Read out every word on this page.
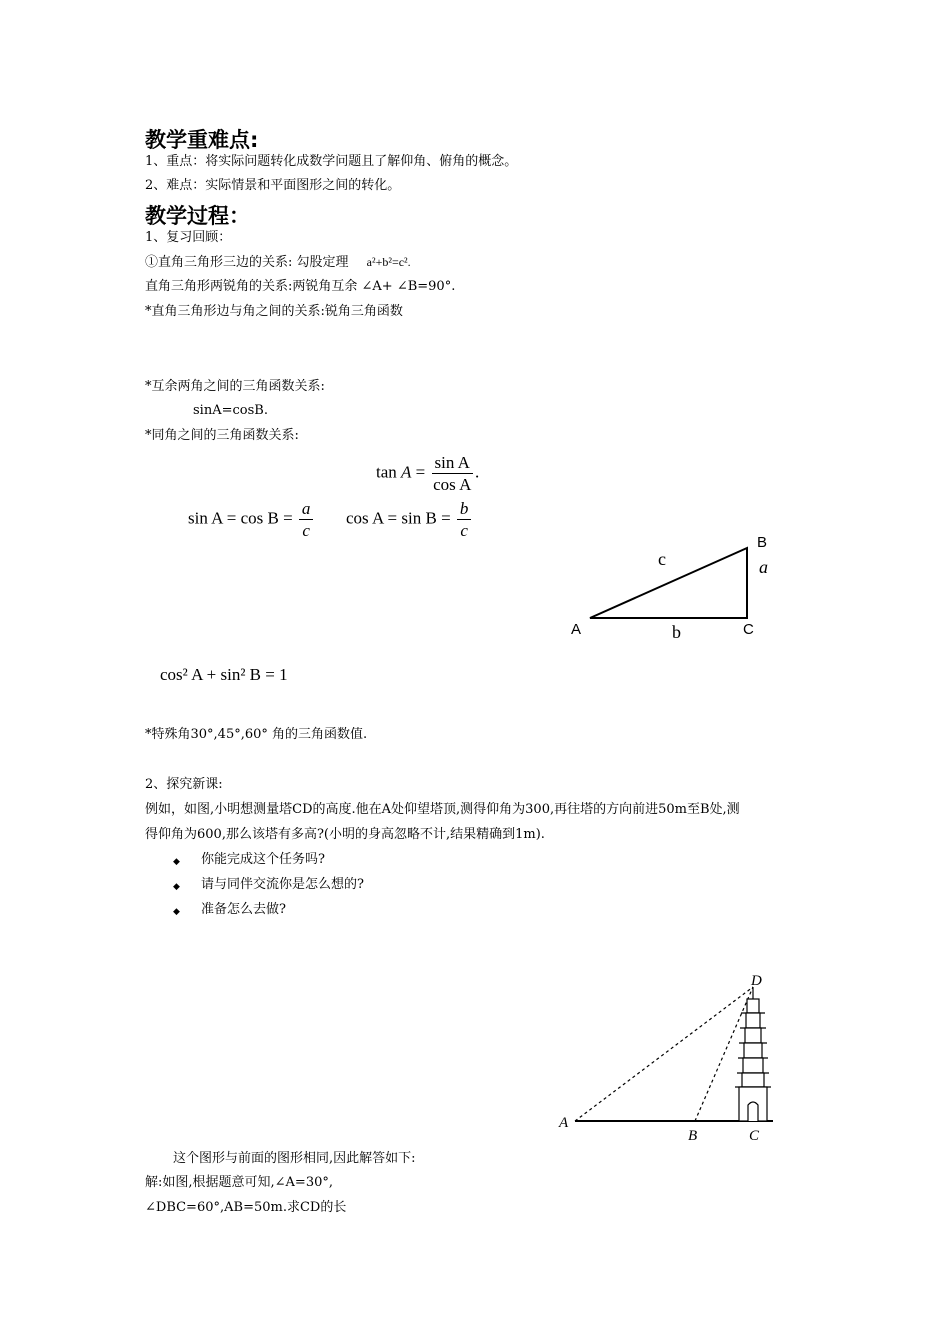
教学重难点:
1、重点：将实际问题转化成数学问题且了解仰角、俯角的概念。
2、难点：实际情景和平面图形之间的转化。
教学过程：
1、复习回顾：
①直角三角形三边的关系: 勾股定理 a²+b²=c².
直角三角形两锐角的关系:两锐角互余 ∠A+ ∠B=90°.
*直角三角形边与角之间的关系:锐角三角函数
*互余两角之间的三角函数关系:
sinA=cosB.
*同角之间的三角函数关系:
$\tan A = \frac{\text{sin A}}{\text{cos A}}$ .
$\sin A = \cos B = \frac{a}{c}$ $\cos A = \sin B = \frac{b}{c}$
B
A	C
c	a
b
cos² A + sin² B = 1
*特殊角30°,45°,60° 角的三角函数值.
2、探究新课:
例如，如图,小明想测量塔CD的高度.他在A处仰望塔顶,测得仰角为300,再往塔的方向前进50m至B处,测
得仰角为600,那么该塔有多高?(小明的身高忽略不计,结果精确到1m).
◆ 你能完成这个任务吗?
◆ 请与同伴交流你是怎么想的?
◆ 准备怎么去做?
A
B	C
D
这个图形与前面的图形相同,因此解答如下:
解:如图,根据题意可知,∠A=30°,
∠DBC=60°,AB=50m.求CD的长
